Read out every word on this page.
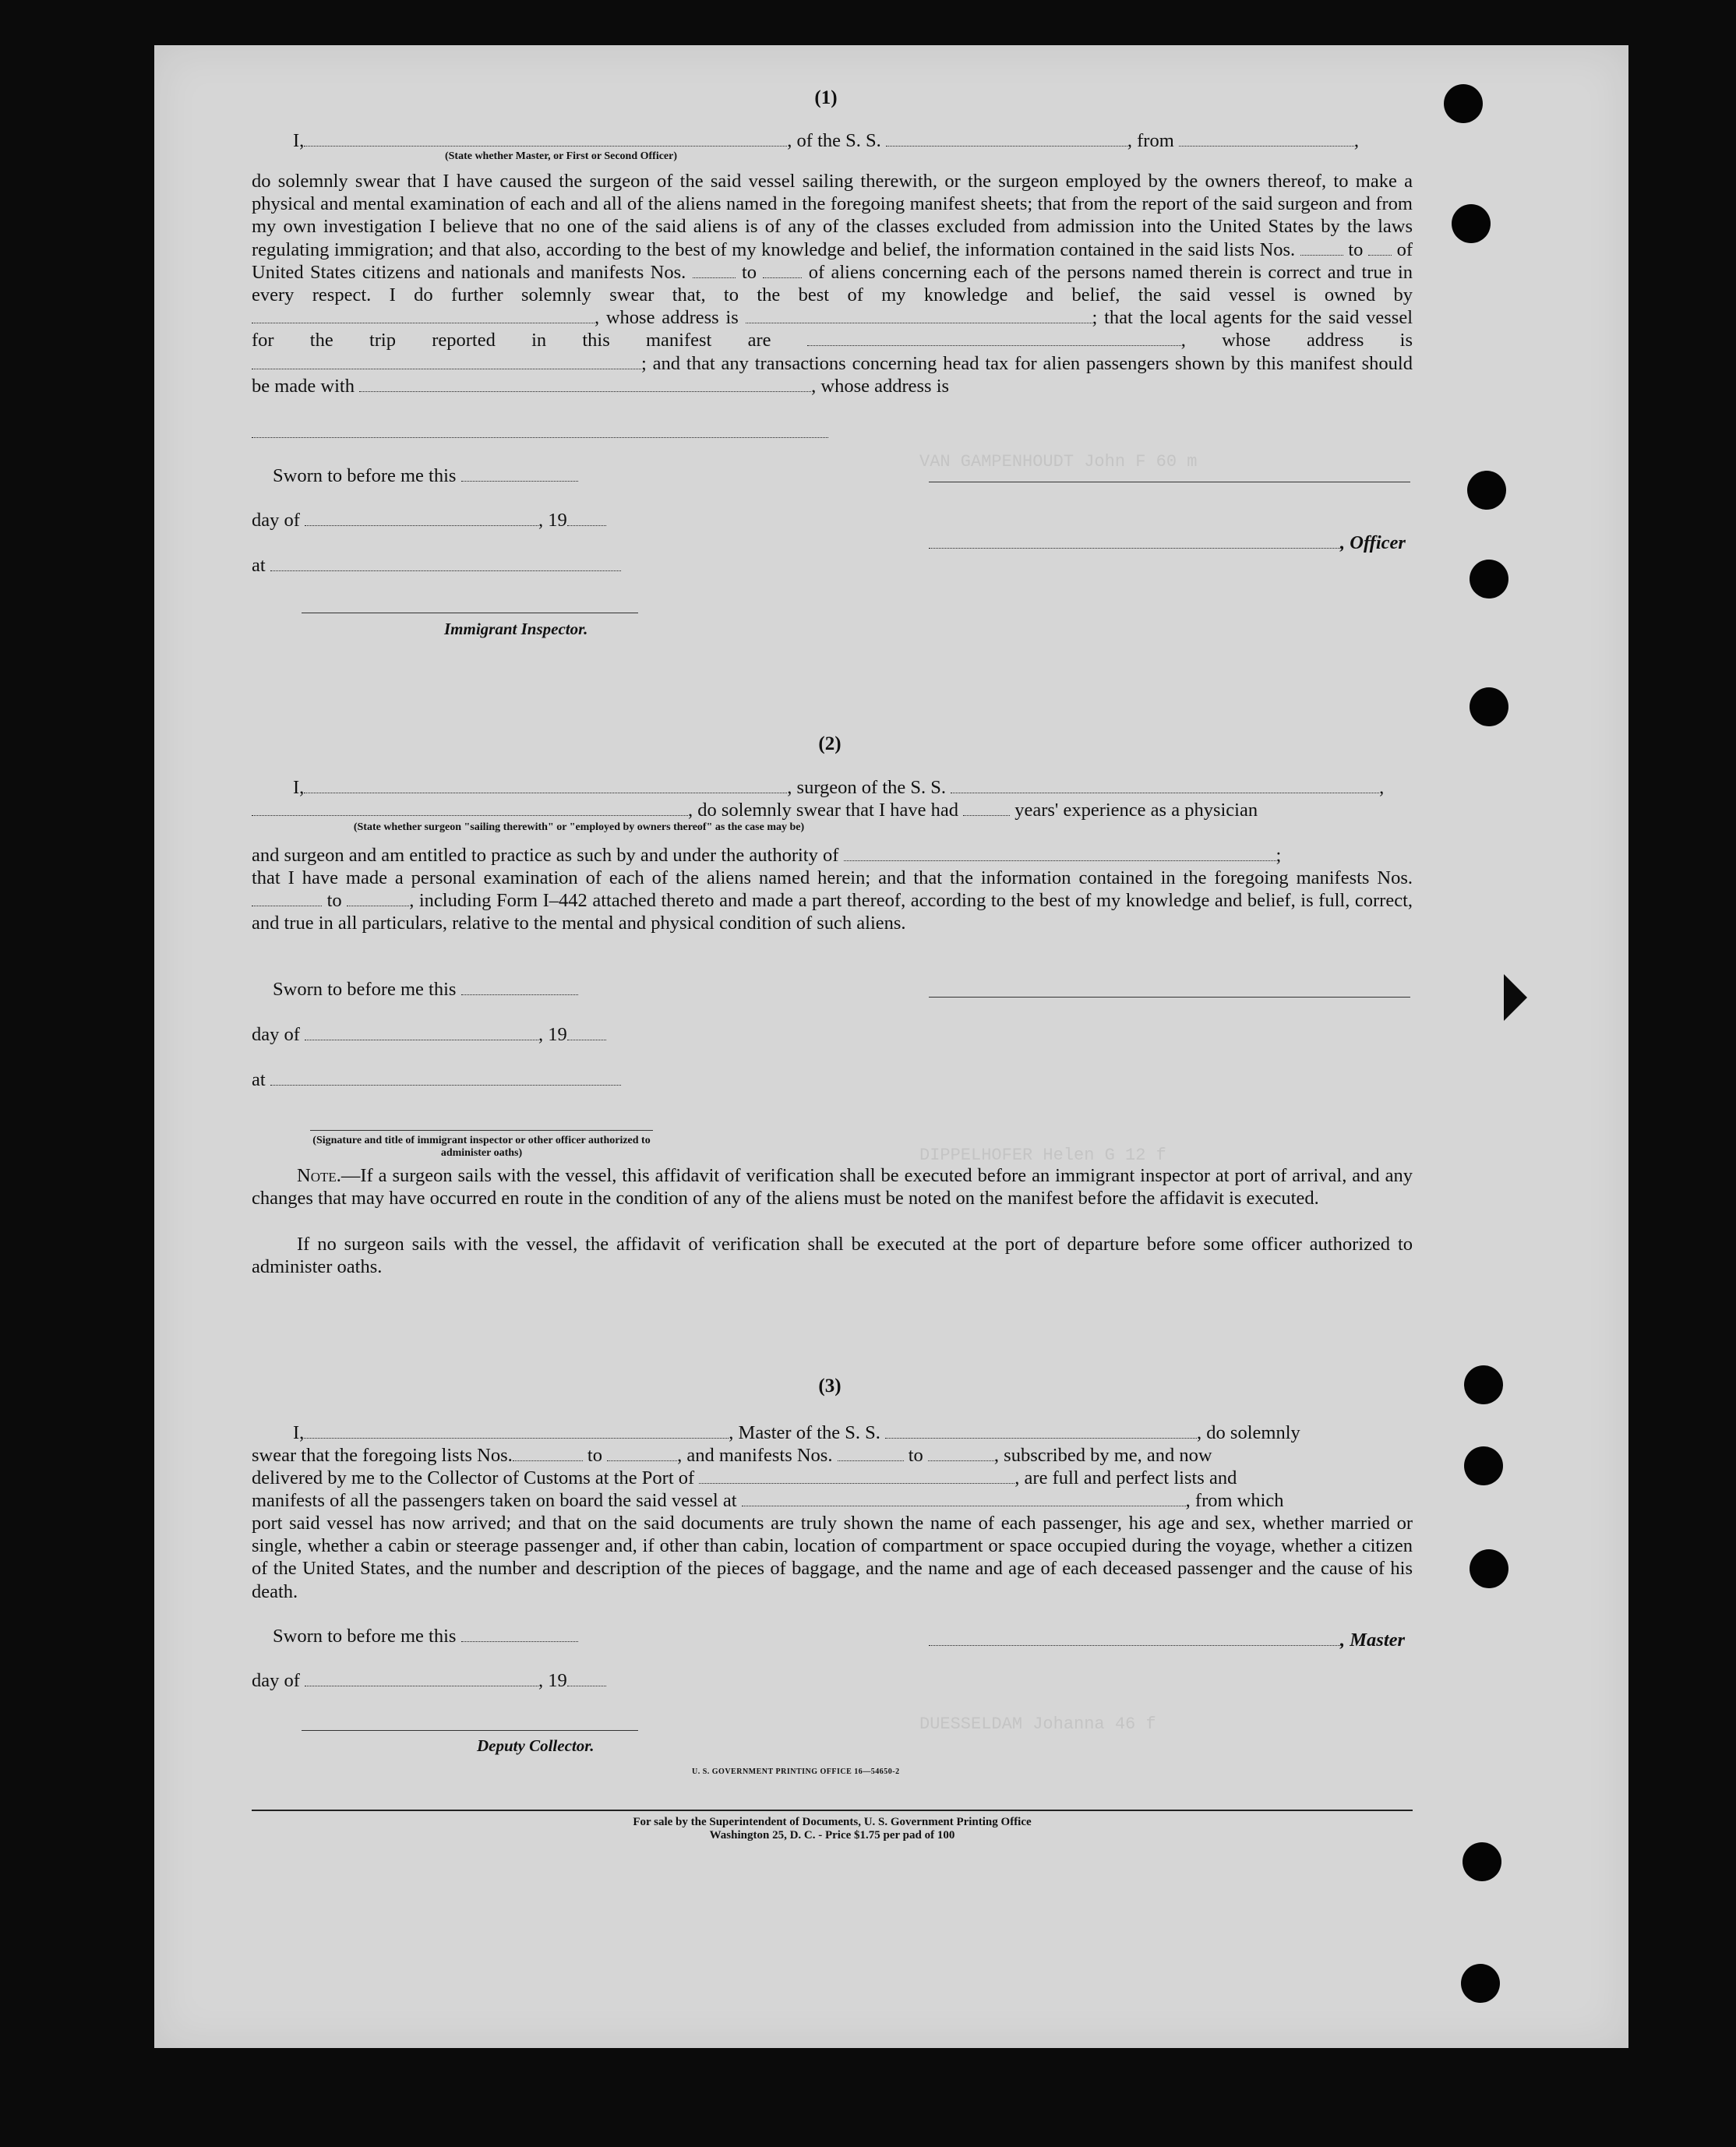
VAN GAMPENHOUDT John F 60 m
DIPPELHOFER Helen G 12 f
DUESSELDAM Johanna 46 f
(1)
I,	, of the S. S.	, from	,
(State whether Master, or First or Second Officer)
do solemnly swear that I have caused the surgeon of the said vessel sailing therewith, or the surgeon employed by the owners thereof, to make a physical and mental examination of each and all of the aliens named in the foregoing manifest sheets; that from the report of the said surgeon and from my own investigation I believe that no one of the said aliens is of any of the classes excluded from admission into the United States by the laws regulating immigration; and that also, according to the best of my knowledge and belief, the information contained in the said lists Nos.	to of United States citizens and nationals and manifests Nos.	to	of aliens concerning each of the persons named therein is correct and true in every respect. I do further solemnly swear that, to the best of my knowledge and belief, the said vessel is owned by , whose address is	; that the local agents for the said vessel for the trip reported in this manifest are	, whose address is ; and that any transactions concerning head tax for alien passengers shown by this manifest should be made with	, whose address is
Sworn to before me this
day of	, 19
, Officer
at
Immigrant Inspector.
(2)
I,	, surgeon of the S. S.	,
, do solemnly swear that I have had	years' experience as a physician
(State whether surgeon "sailing therewith" or "employed by owners thereof" as the case may be)
and surgeon and am entitled to practice as such by and under the authority of	;
that I have made a personal examination of each of the aliens named herein; and that the information contained in the foregoing manifests Nos.  to	, including Form I–442 attached thereto and made a part thereof, according to the best of my knowledge and belief, is full, correct, and true in all particulars, relative to the mental and physical condition of such aliens.
Sworn to before me this
day of	, 19
at
(Signature and title of immigrant inspector or other officer authorized to administer oaths)
Note.—If a surgeon sails with the vessel, this affidavit of verification shall be executed before an immigrant inspector at port of arrival, and any changes that may have occurred en route in the condition of any of the aliens must be noted on the manifest before the affidavit is executed.
If no surgeon sails with the vessel, the affidavit of verification shall be executed at the port of departure before some officer authorized to administer oaths.
(3)
I,	, Master of the S. S.	, do solemnly
swear that the foregoing lists Nos.	to	, and manifests Nos.	to	, subscribed by me, and now
delivered by me to the Collector of Customs at the Port of	, are full and perfect lists and
manifests of all the passengers taken on board the said vessel at	, from which
port said vessel has now arrived; and that on the said documents are truly shown the name of each passenger, his age and sex, whether married or single, whether a cabin or steerage passenger and, if other than cabin, location of compartment or space occupied during the voyage, whether a citizen of the United States, and the number and description of the pieces of baggage, and the name and age of each deceased passenger and the cause of his death.
Sworn to before me this	, Master
day of	, 19
Deputy Collector.
U. S. GOVERNMENT PRINTING OFFICE 16—54650-2
For sale by the Superintendent of Documents, U. S. Government Printing Office
Washington 25, D. C. - Price $1.75 per pad of 100
